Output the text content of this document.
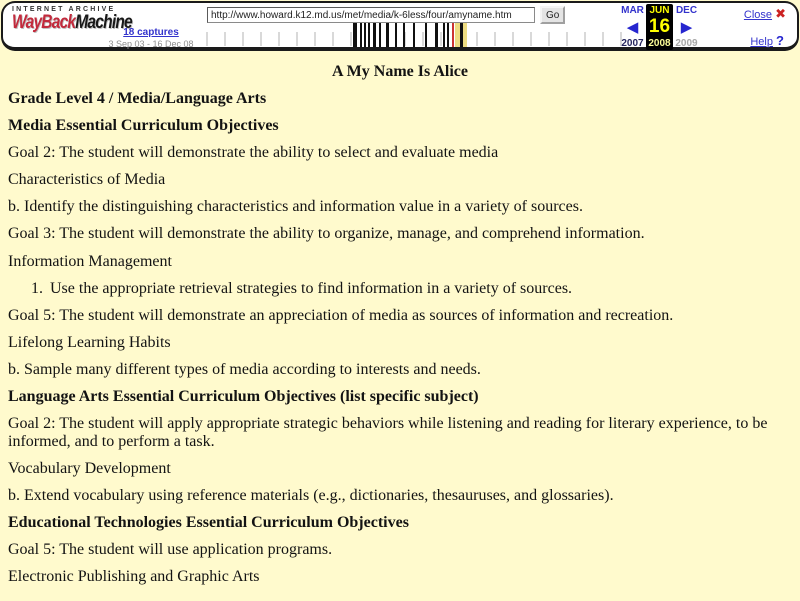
INTERNET ARCHIVE
WayBackMachine
http://www.howard.k12.md.us/met/media/k-6less/four/amyname.htm	Go
18 captures
3 Sep 03 - 16 Dec 08
MAR
◀
2007
JUN
16
2008
DEC
▶
2009
Close ✖
Help ?

A My Name Is Alice

Grade Level 4 / Media/Language Arts

Media Essential Curriculum Objectives

Goal 2: The student will demonstrate the ability to select and evaluate media

Characteristics of Media

b. Identify the distinguishing characteristics and information value in a variety of sources.

Goal 3: The student will demonstrate the ability to organize, manage, and comprehend information.

Information Management

1. Use the appropriate retrieval strategies to find information in a variety of sources.

Goal 5: The student will demonstrate an appreciation of media as sources of information and recreation.

Lifelong Learning Habits

b. Sample many different types of media according to interests and needs.

Language Arts Essential Curriculum Objectives (list specific subject)

Goal 2: The student will apply appropriate strategic behaviors while listening and reading for literary experience, to be informed, and to perform a task.

Vocabulary Development

b. Extend vocabulary using reference materials (e.g., dictionaries, thesauruses, and glossaries).

Educational Technologies Essential Curriculum Objectives

Goal 5: The student will use application programs.

Electronic Publishing and Graphic Arts
